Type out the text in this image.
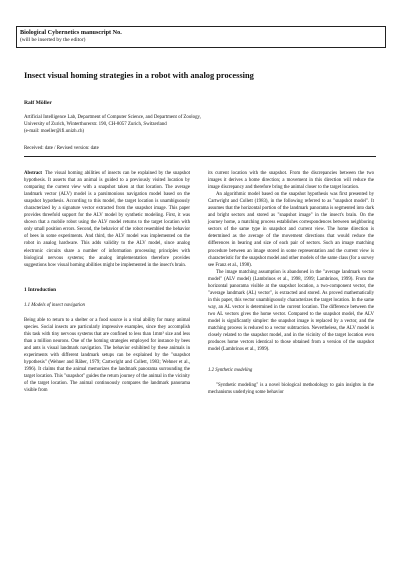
Biological Cybernetics manuscript No.
(will be inserted by the editor)
Insect visual homing strategies in a robot with analog processing
Ralf Möller
Artificial Intelligence Lab, Department of Computer Science, and Department of Zoology,
University of Zurich, Winterthurerstr. 190, CH-8057 Zurich, Switzerland
(e-mail: moeller@ifi.unizh.ch)
Received: date / Revised version: date

Abstract The visual homing abilities of insects can be explained by the snapshot hypothesis. It asserts that an animal is guided to a previously visited location by comparing the current view with a snapshot taken at that location. The average landmark vector (ALV) model is a parsimonious navigation model based on the snapshot hypothesis. According to this model, the target location is unambiguously characterized by a signature vector extracted from the snapshot image. This paper provides threefold support for the ALV model by synthetic modeling. First, it was shown that a mobile robot using the ALV model returns to the target location with only small position errors. Second, the behavior of the robot resembled the behavior of bees in some experiments. And third, the ALV model was implemented on the robot in analog hardware. This adds validity to the ALV model, since analog electronic circuits share a number of information processing principles with biological nervous systems; the analog implementation therefore provides suggestions how visual homing abilities might be implemented in the insect's brain.

1 Introduction
1.1 Models of insect navigation

Being able to return to a shelter or a food source is a vital ability for many animal species. Social insects are particularly impressive examples, since they accomplish this task with tiny nervous systems that are confined to less than 1mm³ size and less than a million neurons. One of the homing strategies employed for instance by bees and ants is visual landmark navigation. The behavior exhibited by these animals in experiments with different landmark setups can be explained by the "snapshot hypothesis" (Wehner and Räber, 1979; Cartwright and Collett, 1983; Wehner et al., 1996). It claims that the animal memorizes the landmark panorama surrounding the target location. This "snapshot" guides the return journey of the animal in the vicinity of the target location. The animal continuously compares the landmark panorama visible from

its current location with the snapshot. From the discrepancies between the two images it derives a home direction; a movement in this direction will reduce the image discrepancy and therefore bring the animal closer to the target location.

An algorithmic model based on the snapshot hypothesis was first presented by Cartwright and Collett (1983), in the following referred to as "snapshot model". It assumes that the horizontal portion of the landmark panorama is segmented into dark and bright sectors and stored as "snapshot image" in the insect's brain. On the journey home, a matching process establishes correspondences between neighboring sectors of the same type in snapshot and current view. The home direction is determined as the average of the movement directions that would reduce the differences in bearing and size of each pair of sectors. Such an image matching procedure between an image stored in some representation and the current view is characteristic for the snapshot model and other models of the same class (for a survey see Franz et al., 1998).

The image matching assumption is abandoned in the "average landmark vector model" (ALV model) (Lambrinos et al., 1998, 1999; Lambrinos, 1999). From the horizontal panorama visible at the snapshot location, a two-component vector, the "average landmark (AL) vector", is extracted and stored. As proved mathematically in this paper, this vector unambiguously characterizes the target location. In the same way, an AL vector is determined in the current location. The difference between the two AL vectors gives the home vector. Compared to the snapshot model, the ALV model is significantly simpler: the snapshot image is replaced by a vector, and the matching process is reduced to a vector subtraction. Nevertheless, the ALV model is closely related to the snapshot model, and in the vicinity of the target location even produces home vectors identical to those obtained from a version of the snapshot model (Lambrinos et al., 1999).

1.2 Synthetic modeling

"Synthetic modeling" is a novel biological methodology to gain insights in the mechanisms underlying some behavior
